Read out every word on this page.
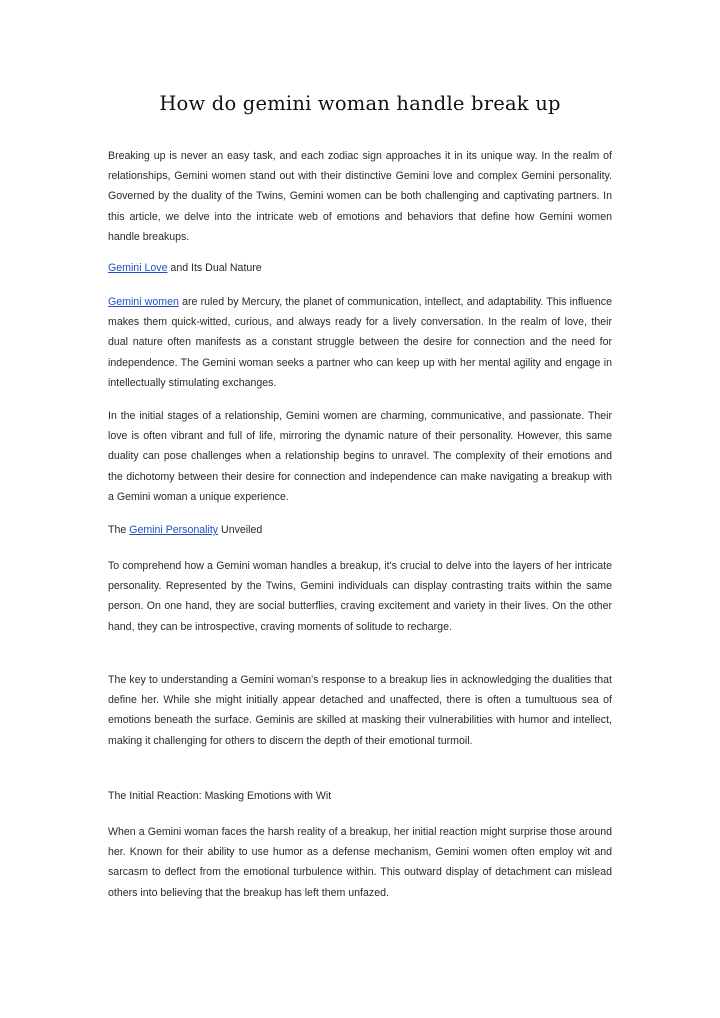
How do gemini woman handle break up

Breaking up is never an easy task, and each zodiac sign approaches it in its unique way. In the realm of relationships, Gemini women stand out with their distinctive Gemini love and complex Gemini personality. Governed by the duality of the Twins, Gemini women can be both challenging and captivating partners. In this article, we delve into the intricate web of emotions and behaviors that define how Gemini women handle breakups.

Gemini Love and Its Dual Nature

Gemini women are ruled by Mercury, the planet of communication, intellect, and adaptability. This influence makes them quick-witted, curious, and always ready for a lively conversation. In the realm of love, their dual nature often manifests as a constant struggle between the desire for connection and the need for independence. The Gemini woman seeks a partner who can keep up with her mental agility and engage in intellectually stimulating exchanges.

In the initial stages of a relationship, Gemini women are charming, communicative, and passionate. Their love is often vibrant and full of life, mirroring the dynamic nature of their personality. However, this same duality can pose challenges when a relationship begins to unravel. The complexity of their emotions and the dichotomy between their desire for connection and independence can make navigating a breakup with a Gemini woman a unique experience.

The Gemini Personality Unveiled

To comprehend how a Gemini woman handles a breakup, it's crucial to delve into the layers of her intricate personality. Represented by the Twins, Gemini individuals can display contrasting traits within the same person. On one hand, they are social butterflies, craving excitement and variety in their lives. On the other hand, they can be introspective, craving moments of solitude to recharge.

The key to understanding a Gemini woman's response to a breakup lies in acknowledging the dualities that define her. While she might initially appear detached and unaffected, there is often a tumultuous sea of emotions beneath the surface. Geminis are skilled at masking their vulnerabilities with humor and intellect, making it challenging for others to discern the depth of their emotional turmoil.

The Initial Reaction: Masking Emotions with Wit

When a Gemini woman faces the harsh reality of a breakup, her initial reaction might surprise those around her. Known for their ability to use humor as a defense mechanism, Gemini women often employ wit and sarcasm to deflect from the emotional turbulence within. This outward display of detachment can mislead others into believing that the breakup has left them unfazed.
